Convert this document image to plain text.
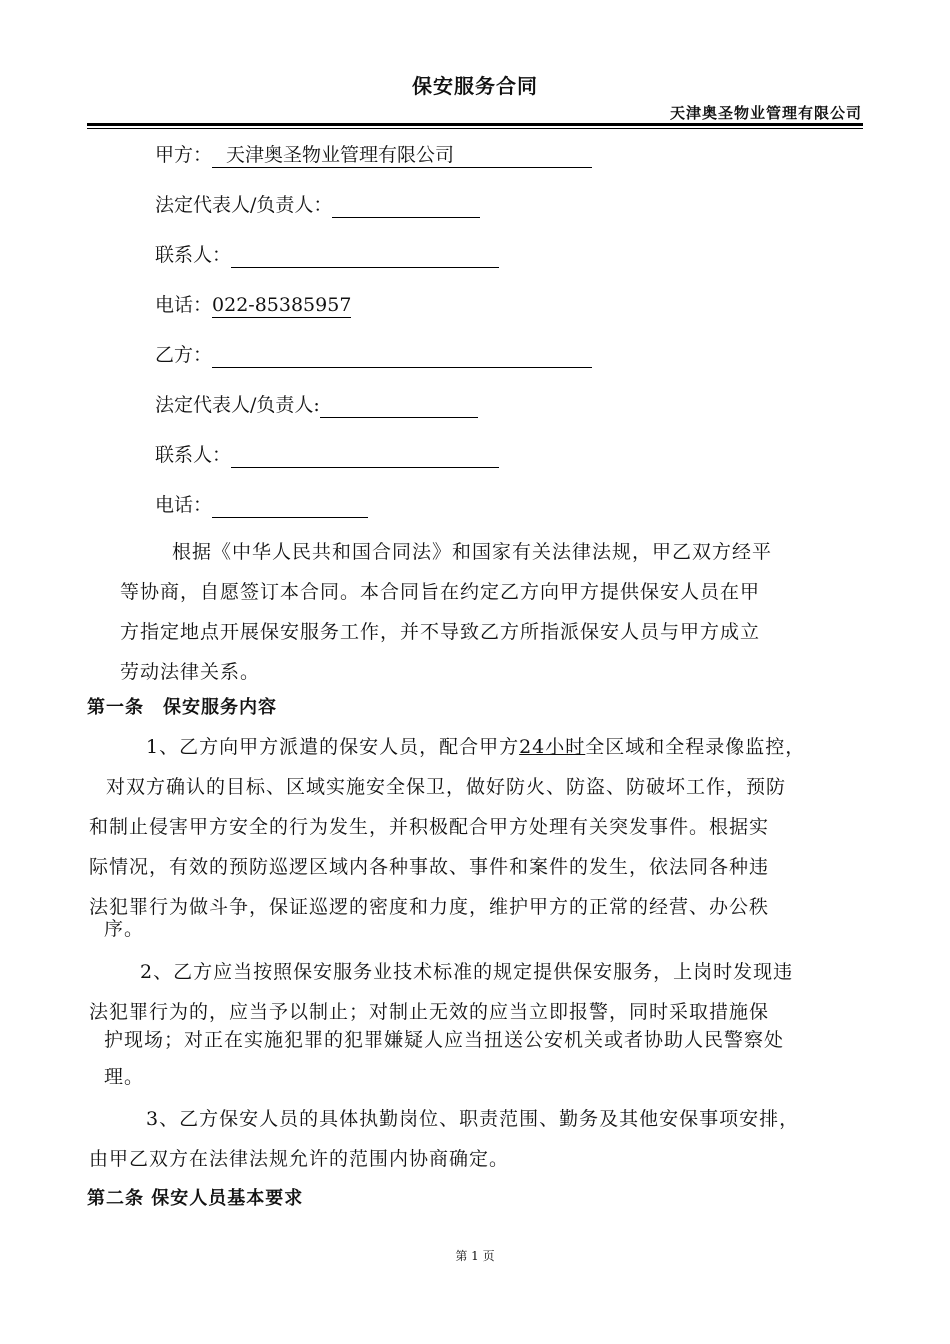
保安服务合同
天津奥圣物业管理有限公司
甲方： 天津奥圣物业管理有限公司
法定代表人/负责人：
联系人：
电话：022-85385957
乙方：
法定代表人/负责人:
联系人：
电话：
根据《中华人民共和国合同法》和国家有关法律法规，甲乙双方经平
等协商，自愿签订本合同。本合同旨在约定乙方向甲方提供保安人员在甲
方指定地点开展保安服务工作，并不导致乙方所指派保安人员与甲方成立
劳动法律关系。
第一条　保安服务内容
1、乙方向甲方派遣的保安人员，配合甲方24小时全区域和全程录像监控，
对双方确认的目标、区域实施安全保卫，做好防火、防盗、防破坏工作，预防
和制止侵害甲方安全的行为发生，并积极配合甲方处理有关突发事件。根据实
际情况，有效的预防巡逻区域内各种事故、事件和案件的发生，依法同各种违
法犯罪行为做斗争，保证巡逻的密度和力度，维护甲方的正常的经营、办公秩
序。
2、乙方应当按照保安服务业技术标准的规定提供保安服务，上岗时发现违
法犯罪行为的，应当予以制止；对制止无效的应当立即报警，同时采取措施保
护现场；对正在实施犯罪的犯罪嫌疑人应当扭送公安机关或者协助人民警察处
理。
3、乙方保安人员的具体执勤岗位、职责范围、勤务及其他安保事项安排，
由甲乙双方在法律法规允许的范围内协商确定。
第二条 保安人员基本要求
第 1 页
